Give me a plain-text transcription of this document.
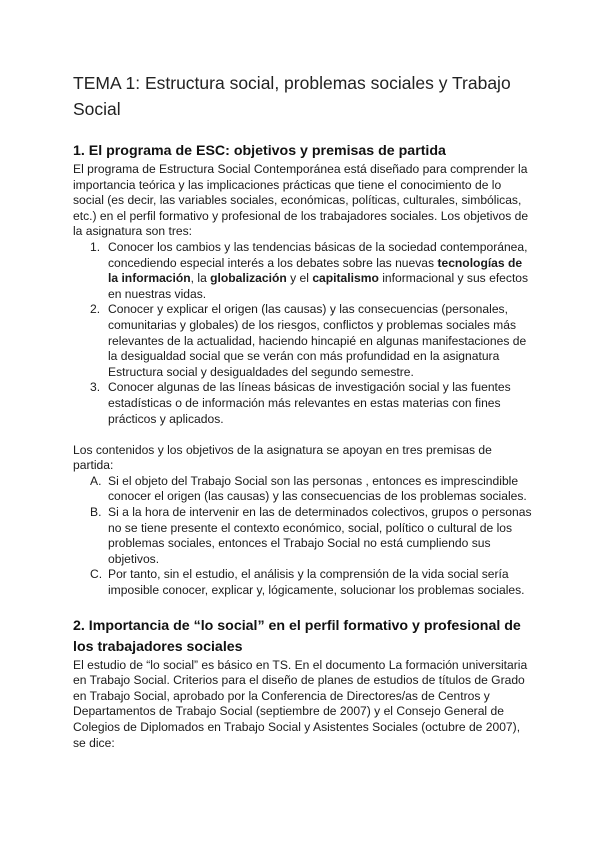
TEMA 1: Estructura social, problemas sociales y Trabajo Social
1. El programa de ESC: objetivos y premisas de partida

El programa de Estructura Social Contemporánea está diseñado para comprender la importancia teórica y las implicaciones prácticas que tiene el conocimiento de lo social (es decir, las variables sociales, económicas, políticas, culturales, simbólicas, etc.) en el perfil formativo y profesional de los trabajadores sociales. Los objetivos de la asignatura son tres:

1. Conocer los cambios y las tendencias básicas de la sociedad contemporánea, concediendo especial interés a los debates sobre las nuevas tecnologías de la información, la globalización y el capitalismo informacional y sus efectos en nuestras vidas.
2. Conocer y explicar el origen (las causas) y las consecuencias (personales, comunitarias y globales) de los riesgos, conflictos y problemas sociales más relevantes de la actualidad, haciendo hincapié en algunas manifestaciones de la desigualdad social que se verán con más profundidad en la asignatura Estructura social y desigualdades del segundo semestre.
3. Conocer algunas de las líneas básicas de investigación social y las fuentes estadísticas o de información más relevantes en estas materias con fines prácticos y aplicados.

Los contenidos y los objetivos de la asignatura se apoyan en tres premisas de partida:

A. Si el objeto del Trabajo Social son las personas , entonces es imprescindible conocer el origen (las causas) y las consecuencias de los problemas sociales.
B. Si a la hora de intervenir en las de determinados colectivos, grupos o personas no se tiene presente el contexto económico, social, político o cultural de los problemas sociales, entonces el Trabajo Social no está cumpliendo sus objetivos.
C. Por tanto, sin el estudio, el análisis y la comprensión de la vida social sería imposible conocer, explicar y, lógicamente, solucionar los problemas sociales.
2. Importancia de “lo social” en el perfil formativo y profesional de los trabajadores sociales

El estudio de “lo social” es básico en TS. En el documento La formación universitaria en Trabajo Social. Criterios para el diseño de planes de estudios de títulos de Grado en Trabajo Social, aprobado por la Conferencia de Directores/as de Centros y Departamentos de Trabajo Social (septiembre de 2007) y el Consejo General de Colegios de Diplomados en Trabajo Social y Asistentes Sociales (octubre de 2007), se dice:
